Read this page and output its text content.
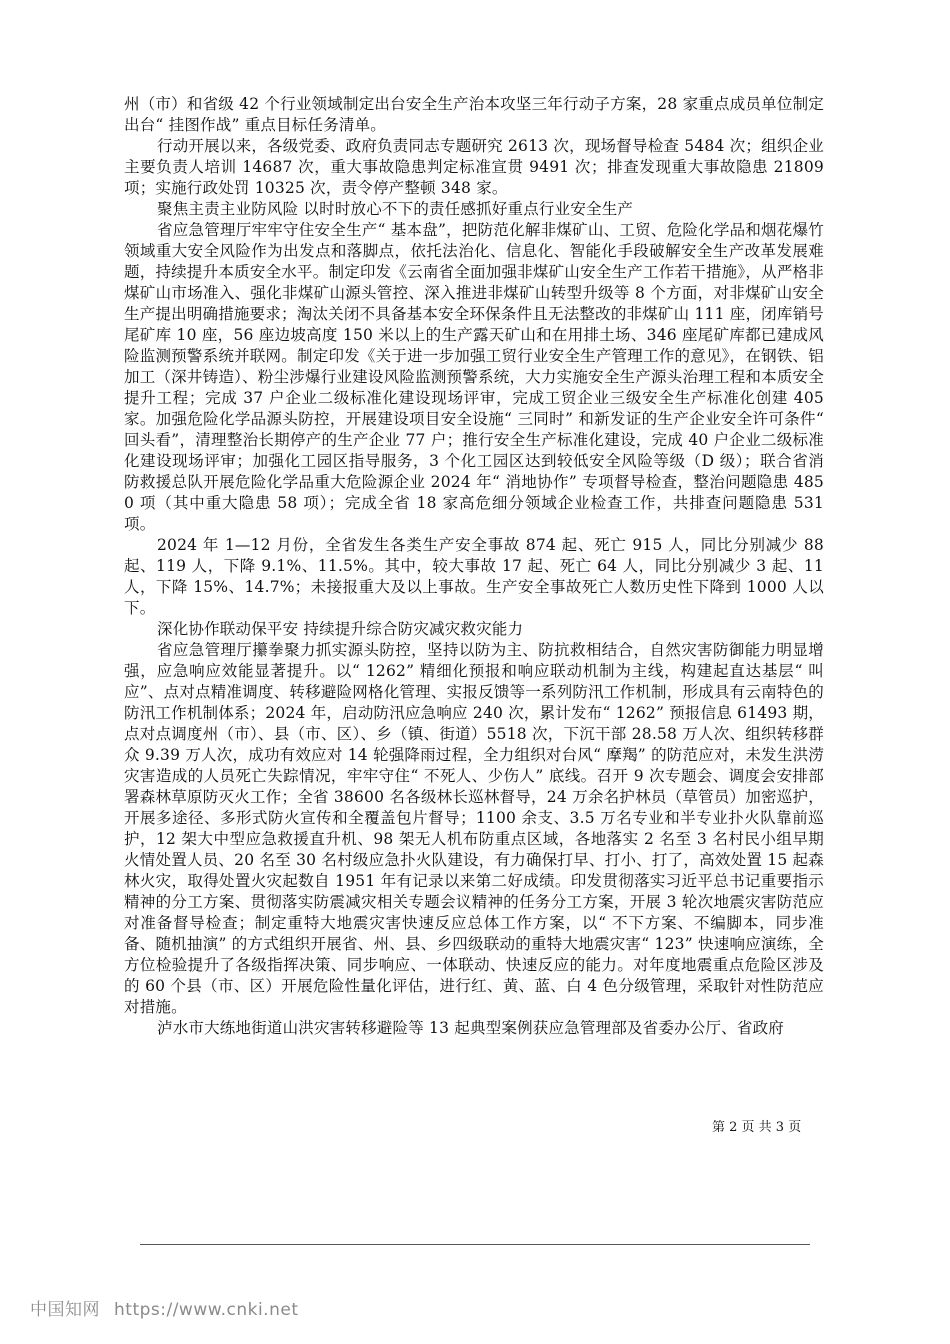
州（市）和省级 42 个行业领域制定出台安全生产治本攻坚三年行动子方案，28 家重点成员单位制定出台“ 挂图作战” 重点目标任务清单。

行动开展以来，各级党委、政府负责同志专题研究 2613 次，现场督导检查 5484 次；组织企业主要负责人培训 14687 次，重大事故隐患判定标准宣贯 9491 次；排查发现重大事故隐患 21809 项；实施行政处罚 10325 次，责令停产整顿 348 家。

聚焦主责主业防风险 以时时放心不下的责任感抓好重点行业安全生产

省应急管理厅牢牢守住安全生产“ 基本盘”，把防范化解非煤矿山、工贸、危险化学品和烟花爆竹领域重大安全风险作为出发点和落脚点，依托法治化、信息化、智能化手段破解安全生产改革发展难题，持续提升本质安全水平。制定印发《云南省全面加强非煤矿山安全生产工作若干措施》，从严格非煤矿山市场准入、强化非煤矿山源头管控、深入推进非煤矿山转型升级等 8 个方面，对非煤矿山安全生产提出明确措施要求；淘汰关闭不具备基本安全环保条件且无法整改的非煤矿山 111 座，闭库销号尾矿库 10 座，56 座边坡高度 150 米以上的生产露天矿山和在用排土场、346 座尾矿库都已建成风险监测预警系统并联网。制定印发《关于进一步加强工贸行业安全生产管理工作的意见》，在钢铁、铝加工（深井铸造）、粉尘涉爆行业建设风险监测预警系统，大力实施安全生产源头治理工程和本质安全提升工程；完成 37 户企业二级标准化建设现场评审，完成工贸企业三级安全生产标准化创建 405 家。加强危险化学品源头防控，开展建设项目安全设施“ 三同时” 和新发证的生产企业安全许可条件“ 回头看”，清理整治长期停产的生产企业 77 户；推行安全生产标准化建设，完成 40 户企业二级标准化建设现场评审；加强化工园区指导服务，3 个化工园区达到较低安全风险等级（D 级）；联合省消防救援总队开展危险化学品重大危险源企业 2024 年“ 消地协作” 专项督导检查，整治问题隐患 4850 项（其中重大隐患 58 项）；完成全省 18 家高危细分领域企业检查工作，共排查问题隐患 531 项。

2024 年 1—12 月份，全省发生各类生产安全事故 874 起、死亡 915 人，同比分别减少 88 起、119 人，下降 9.1%、11.5%。其中，较大事故 17 起、死亡 64 人，同比分别减少 3 起、11 人，下降 15%、14.7%；未接报重大及以上事故。生产安全事故死亡人数历史性下降到 1000 人以下。

深化协作联动保平安 持续提升综合防灾减灾救灾能力

省应急管理厅攥拳聚力抓实源头防控，坚持以防为主、防抗救相结合，自然灾害防御能力明显增强，应急响应效能显著提升。以“ 1262” 精细化预报和响应联动机制为主线，构建起直达基层“ 叫应”、点对点精准调度、转移避险网格化管理、实报反馈等一系列防汛工作机制，形成具有云南特色的防汛工作机制体系；2024 年，启动防汛应急响应 240 次，累计发布“ 1262” 预报信息 61493 期，点对点调度州（市）、县（市、区）、乡（镇、街道）5518 次，下沉干部 28.58 万人次、组织转移群众 9.39 万人次，成功有效应对 14 轮强降雨过程，全力组织对台风“ 摩羯” 的防范应对，未发生洪涝灾害造成的人员死亡失踪情况，牢牢守住“ 不死人、少伤人” 底线。召开 9 次专题会、调度会安排部署森林草原防灭火工作；全省 38600 名各级林长巡林督导，24 万余名护林员（草管员）加密巡护，开展多途径、多形式防火宣传和全覆盖包片督导；1100 余支、3.5 万名专业和半专业扑火队靠前巡护，12 架大中型应急救援直升机、98 架无人机布防重点区域，各地落实 2 名至 3 名村民小组早期火情处置人员、20 名至 30 名村级应急扑火队建设，有力确保打早、打小、打了，高效处置 15 起森林火灾，取得处置火灾起数自 1951 年有记录以来第二好成绩。印发贯彻落实习近平总书记重要指示精神的分工方案、贯彻落实防震减灾相关专题会议精神的任务分工方案，开展 3 轮次地震灾害防范应对准备督导检查；制定重特大地震灾害快速反应总体工作方案，以“ 不下方案、不编脚本，同步准备、随机抽演” 的方式组织开展省、州、县、乡四级联动的重特大地震灾害“ 123” 快速响应演练，全方位检验提升了各级指挥决策、同步响应、一体联动、快速反应的能力。对年度地震重点危险区涉及的 60 个县（市、区）开展危险性量化评估，进行红、黄、蓝、白 4 色分级管理，采取针对性防范应对措施。

泸水市大练地街道山洪灾害转移避险等 13 起典型案例获应急管理部及省委办公厅、省政府

第 2 页 共 3 页
中国知网 https://www.cnki.net
